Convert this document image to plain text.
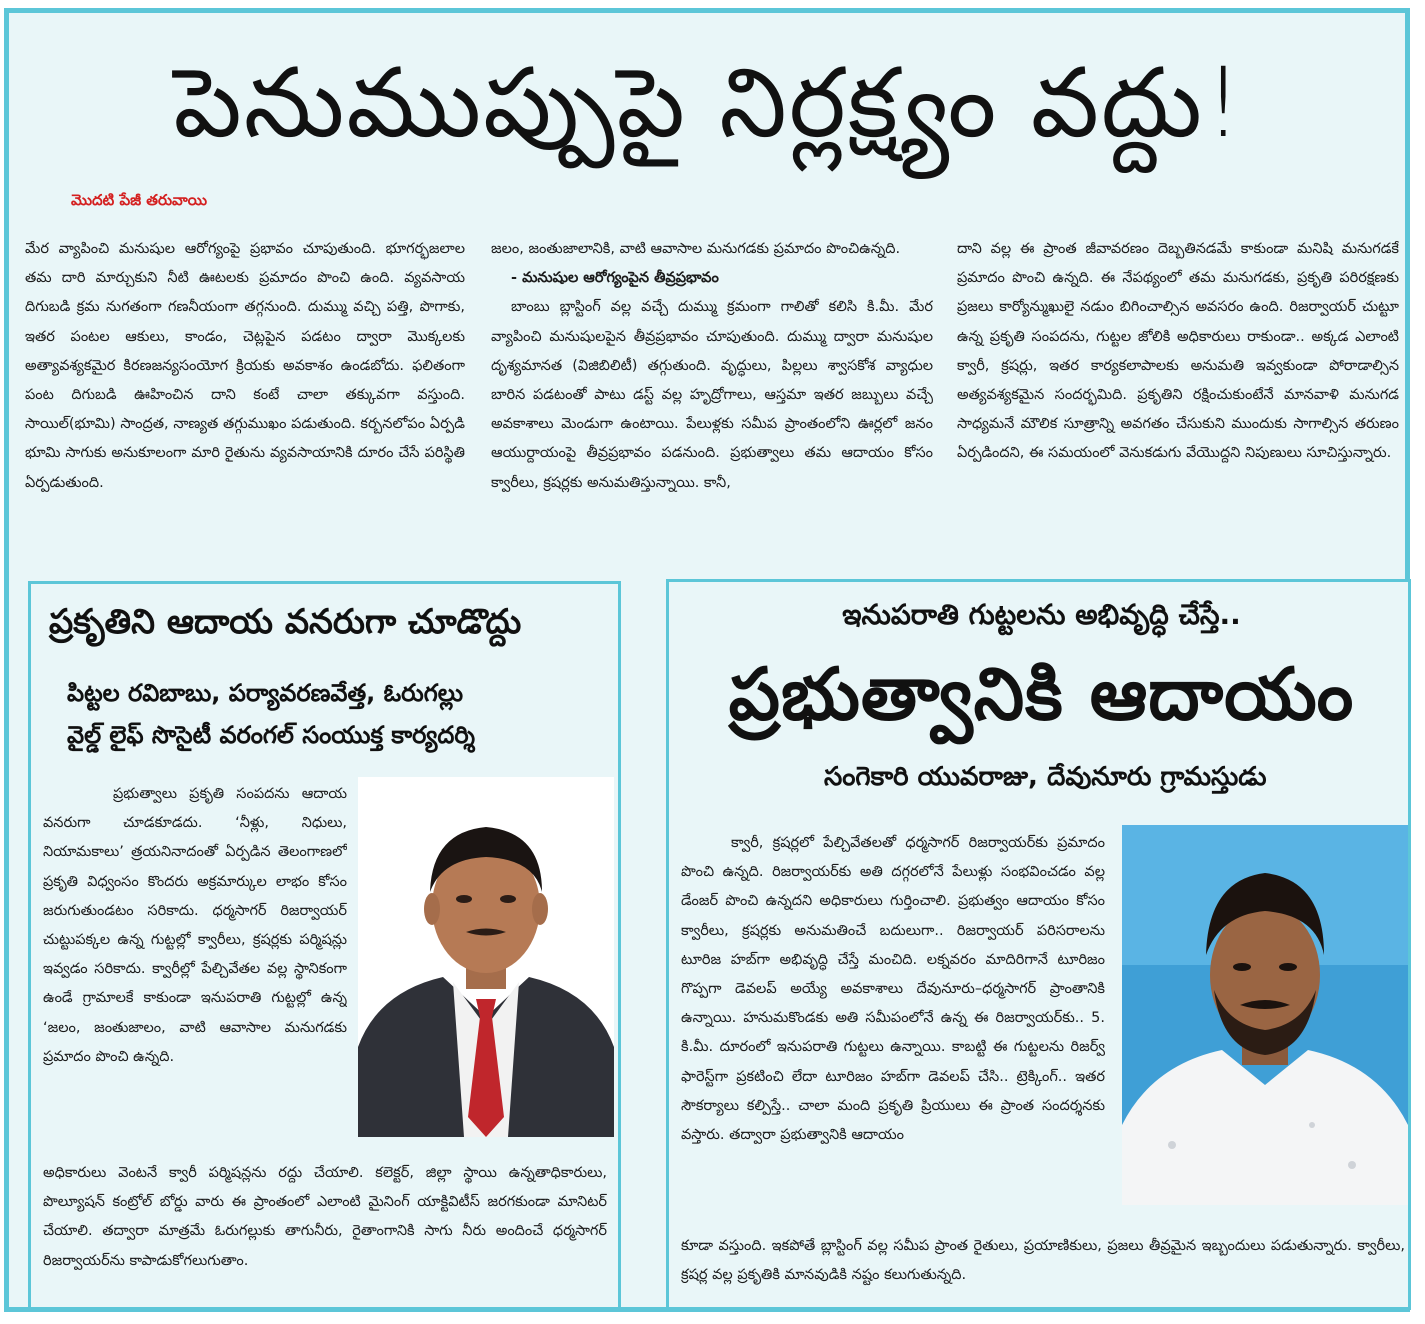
పెనుముప్పుపై నిర్లక్ష్యం వద్దు!
మొదటి పేజీ తరువాయి

మేర వ్యాపించి మనుషుల ఆరోగ్యంపై ప్రభావం చూపుతుంది. భూగర్భజలాల తమ దారి మార్చుకుని నీటి ఊటలకు ప్రమాదం పొంచి ఉంది. వ్యవసాయ దిగుబడి క్రమ నుగతంగా గణనీయంగా తగ్గనుంది. దుమ్ము వచ్చి పత్తి, పొగాకు, ఇతర పంటల ఆకులు, కాండం, చెట్లపైన పడటం ద్వారా మొక్కలకు అత్యావశ్యకమైర కిరణజన్యసంయోగ క్రియకు అవకాశం ఉండబోదు. ఫలితంగా పంట దిగుబడి ఊహించిన దాని కంటే చాలా తక్కువగా వస్తుంది. సాయిల్(భూమి) సాంద్రత, నాణ్యత తగ్గుముఖం పడుతుంది. కర్బనలోపం ఏర్పడి భూమి సాగుకు అనుకూలంగా మారి రైతును వ్యవసాయానికి దూరం చేసే పరిస్థితి ఏర్పడుతుంది.

జలం, జంతుజాలానికి, వాటి ఆవాసాల మనుగడకు ప్రమాదం పొంచిఉన్నది.

- మనుషుల ఆరోగ్యంపైన తీవ్రప్రభావం

బాంబు బ్లాస్టింగ్ వల్ల వచ్చే దుమ్ము క్రమంగా గాలితో కలిసి కి.మీ. మేర వ్యాపించి మనుషులపైన తీవ్రప్రభావం చూపుతుంది. దుమ్ము ద్వారా మనుషుల దృశ్యమానత (విజిబిలిటీ) తగ్గుతుంది. వృద్ధులు, పిల్లలు శ్వాసకోశ వ్యాధుల బారిన పడటంతో పాటు డస్ట్ వల్ల హృద్రోగాలు, ఆస్తమా ఇతర జబ్బులు వచ్చే అవకాశాలు మెండుగా ఉంటాయి. పేలుళ్లకు సమీప ప్రాంతంలోని ఊర్లలో జనం ఆయుర్దాయంపై తీవ్రప్రభావం పడనుంది. ప్రభుత్వాలు తమ ఆదాయం కోసం క్వారీలు, క్రషర్లకు అనుమతిస్తున్నాయి. కానీ,

దాని వల్ల ఈ ప్రాంత జీవావరణం దెబ్బతినడమే కాకుండా మనిషి మనుగడకే ప్రమాదం పొంచి ఉన్నది. ఈ నేపథ్యంలో తమ మనుగడకు, ప్రకృతి పరిరక్షణకు ప్రజలు కార్యోన్ముఖులై నడుం బిగించాల్సిన అవసరం ఉంది. రిజర్వాయర్ చుట్టూ ఉన్న ప్రకృతి సంపదను, గుట్టల జోలికి అధికారులు రాకుండా.. అక్కడ ఎలాంటి క్వారీ, క్రషర్లు, ఇతర కార్యకలాపాలకు అనుమతి ఇవ్వకుండా పోరాడాల్సిన అత్యవశ్యకమైన సందర్భమిది. ప్రకృతిని రక్షించుకుంటేనే మానవాళి మనుగడ సాధ్యమనే మౌలిక సూత్రాన్ని అవగతం చేసుకుని ముందుకు సాగాల్సిన తరుణం ఏర్పడిందని, ఈ సమయంలో వెనుకడుగు వేయొద్దని నిపుణులు సూచిస్తున్నారు.

ప్రకృతిని ఆదాయ వనరుగా చూడొద్దు
పిట్టల రవిబాబు, పర్యావరణవేత్త, ఓరుగల్లు
వైల్డ్ లైఫ్ సొసైటీ వరంగల్ సంయుక్త కార్యదర్శి

ప్రభుత్వాలు ప్రకృతి సంపదను ఆదాయ వనరుగా చూడకూడదు. ‘నీళ్లు, నిధులు, నియామకాలు’ త్రయనినాదంతో ఏర్పడిన తెలంగాణలో ప్రకృతి విధ్వంసం కొందరు అక్రమార్కుల లాభం కోసం జరుగుతుండటం సరికాదు. ధర్మసాగర్ రిజర్వాయర్ చుట్టుపక్కల ఉన్న గుట్టల్లో క్వారీలు, క్రషర్లకు పర్మిషన్లు ఇవ్వడం సరికాదు. క్వారీల్లో పేల్చివేతల వల్ల స్థానికంగా ఉండే గ్రామాలకే కాకుండా ఇనుపరాతి గుట్టల్లో ఉన్న ‘జలం, జంతుజాలం, వాటి ఆవాసాల మనుగడకు ప్రమాదం పొంచి ఉన్నది.

అధికారులు వెంటనే క్వారీ పర్మిషన్లను రద్దు చేయాలి. కలెక్టర్, జిల్లా స్థాయి ఉన్నతాధికారులు, పొల్యూషన్ కంట్రోల్ బోర్డు వారు ఈ ప్రాంతంలో ఎలాంటి మైనింగ్ యాక్టివిటీస్ జరగకుండా మానిటర్ చేయాలి. తద్వారా మాత్రమే ఓరుగల్లుకు తాగునీరు, రైతాంగానికి సాగు నీరు అందించే ధర్మసాగర్ రిజర్వాయర్‌ను కాపాడుకోగలుగుతాం.

ఇనుపరాతి గుట్టలను అభివృద్ధి చేస్తే..
ప్రభుత్వానికి ఆదాయం
సంగెకారి యువరాజు, దేవునూరు గ్రామస్తుడు

క్వారీ, క్రషర్లలో పేల్చివేతలతో ధర్మసాగర్ రిజర్వాయర్‌కు ప్రమాదం పొంచి ఉన్నది. రిజర్వాయర్‌కు అతి దగ్గరలోనే పేలుళ్లు సంభవించడం వల్ల డేంజర్ పొంచి ఉన్నదని అధికారులు గుర్తించాలి. ప్రభుత్వం ఆదాయం కోసం క్వారీలు, క్రషర్లకు అనుమతించే బదులుగా.. రిజర్వాయర్ పరిసరాలను టూరిజ హబ్‌గా అభివృద్ధి చేస్తే మంచిది. లక్నవరం మాదిరిగానే టూరిజం గొప్పగా డెవలప్ అయ్యే అవకాశాలు దేవునూరు–ధర్మసాగర్ ప్రాంతానికి ఉన్నాయి. హనుమకొండకు అతి సమీపంలోనే ఉన్న ఈ రిజర్వాయర్‌కు.. 5. కి.మీ. దూరంలో ఇనుపరాతి గుట్టలు ఉన్నాయి. కాబట్టి ఈ గుట్టలను రిజర్వ్ ఫారెస్ట్‌గా ప్రకటించి లేదా టూరిజం హబ్‌గా డెవలప్ చేసి.. ట్రెక్కింగ్.. ఇతర సౌకర్యాలు కల్పిస్తే.. చాలా మంది ప్రకృతి ప్రియులు ఈ ప్రాంత సందర్శనకు వస్తారు. తద్వారా ప్రభుత్వానికి ఆదాయం

కూడా వస్తుంది. ఇకపోతే బ్లాస్టింగ్ వల్ల సమీప ప్రాంత రైతులు, ప్రయాణికులు, ప్రజలు తీవ్రమైన ఇబ్బందులు పడుతున్నారు. క్వారీలు, క్రషర్ల వల్ల ప్రకృతికి మానవుడికి నష్టం కలుగుతున్నది.
